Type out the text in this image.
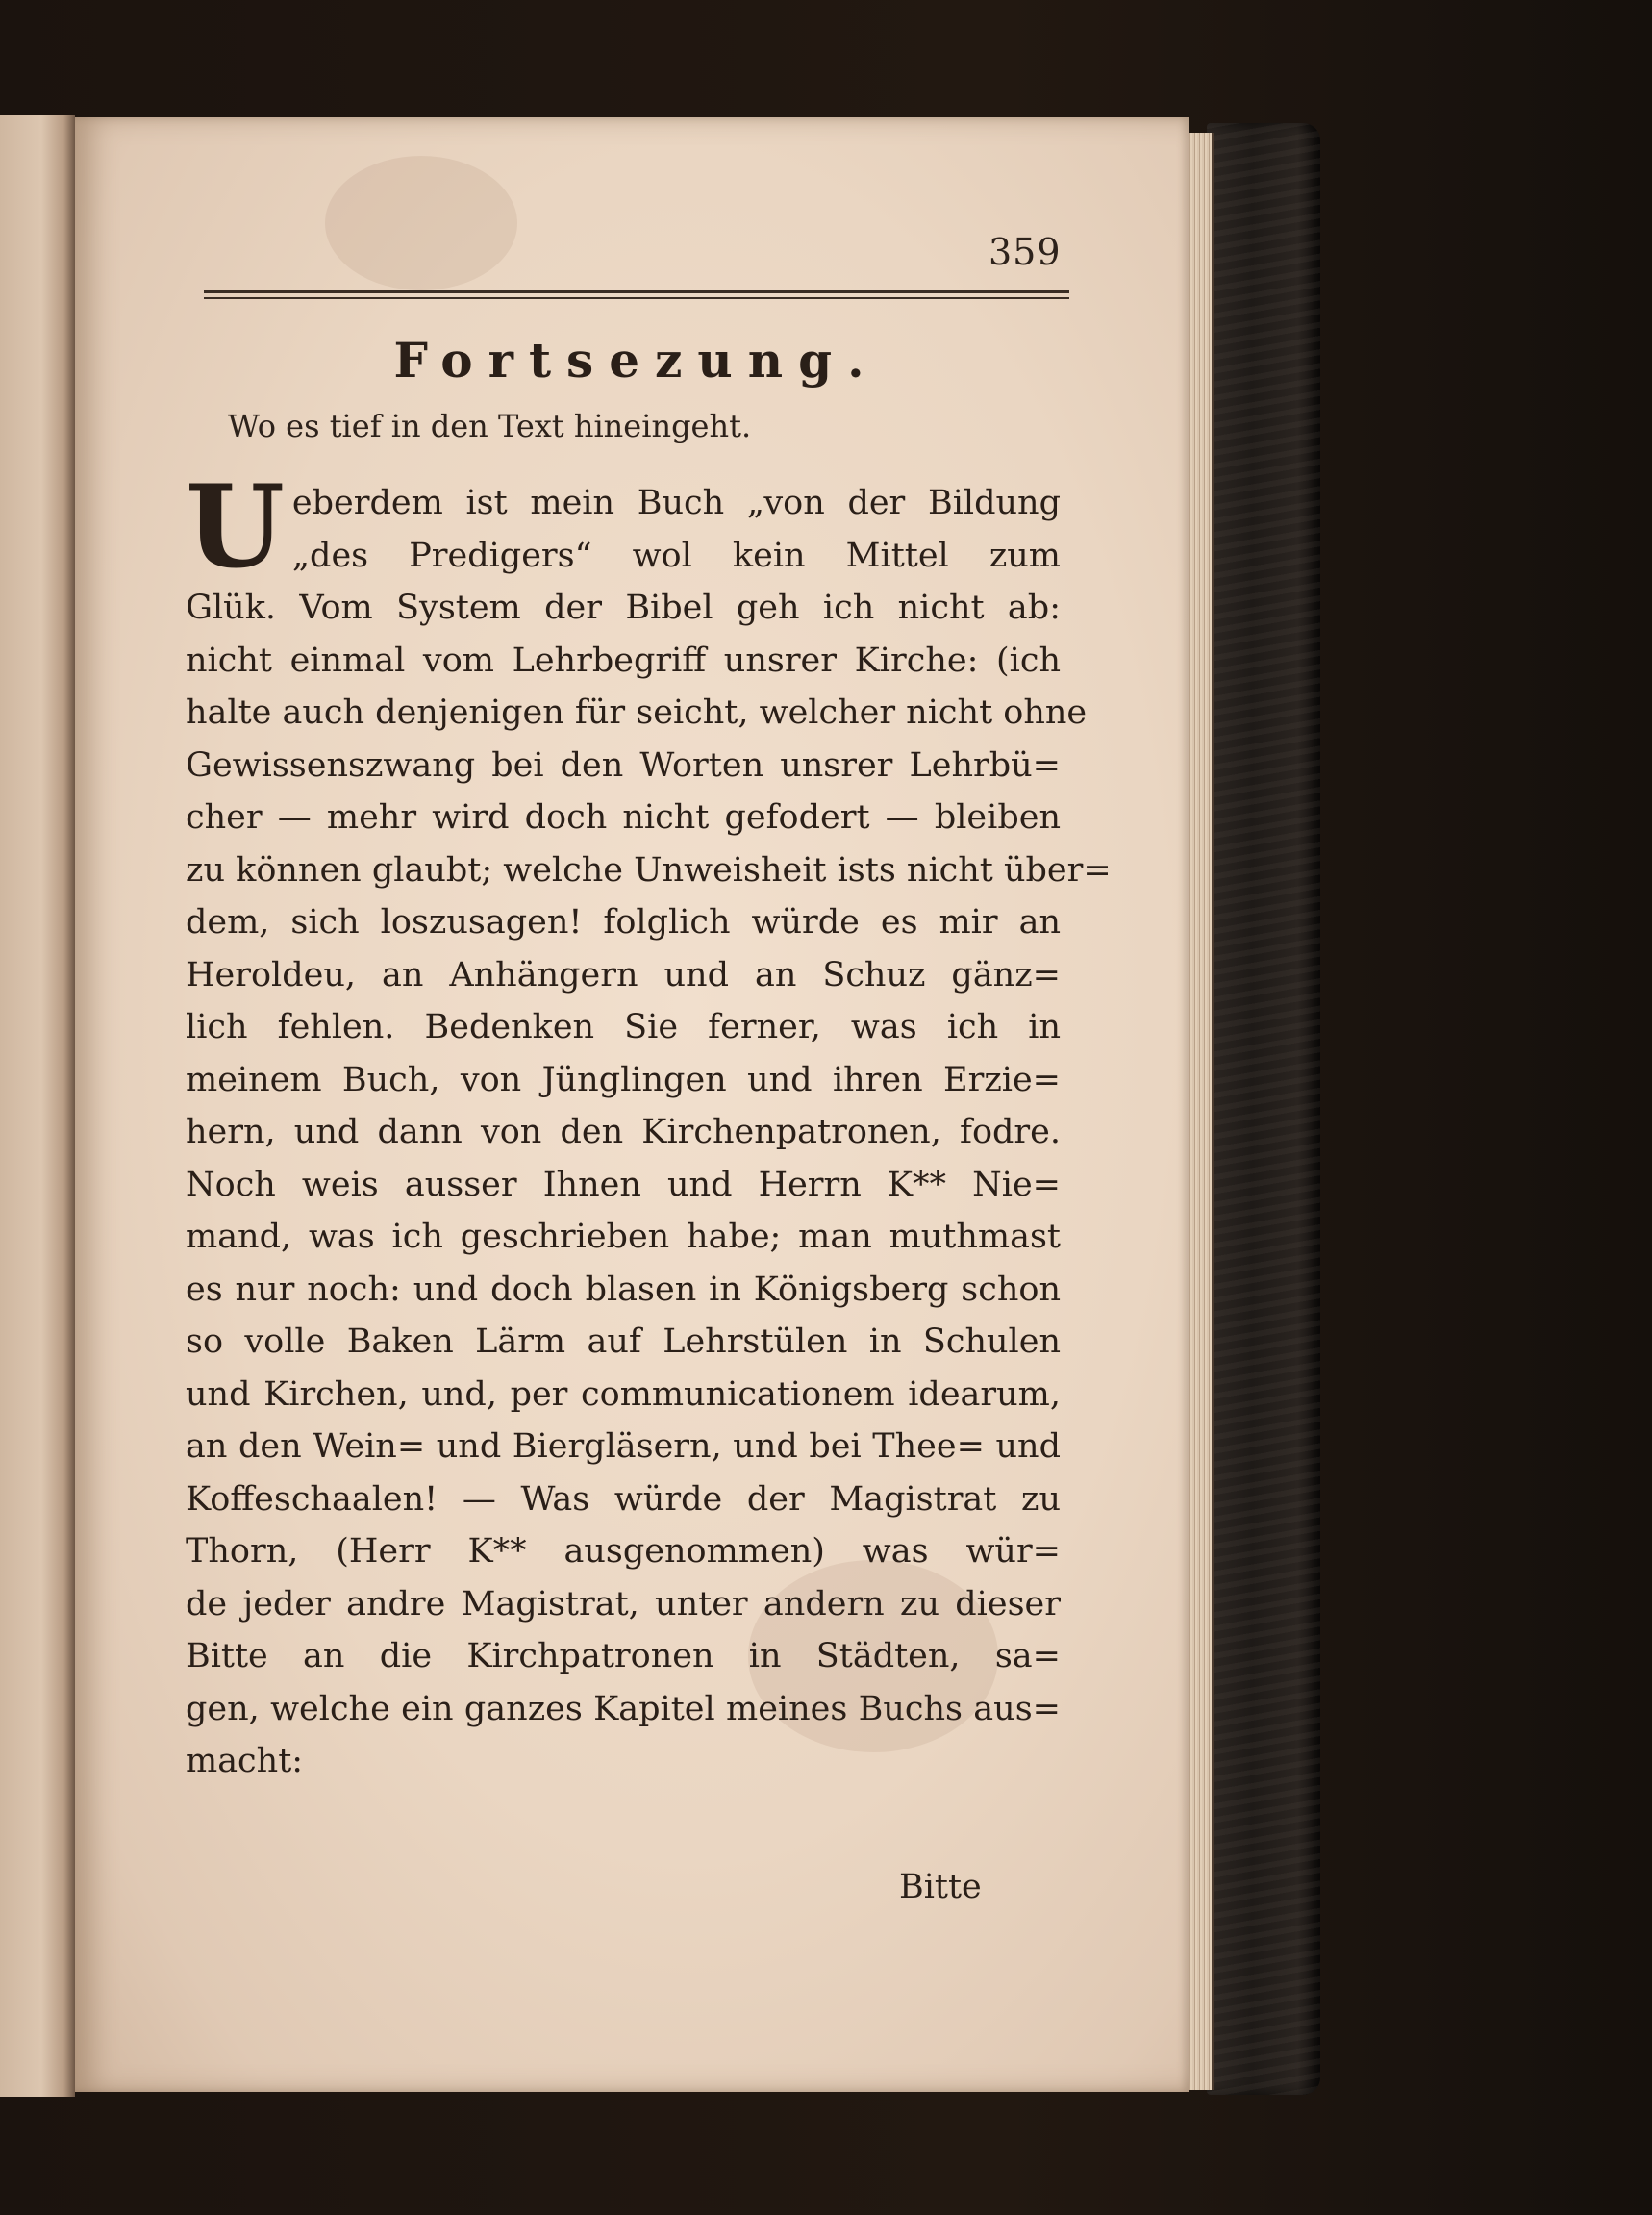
359
Fortsezung.
Wo es tief in den Text hineingeht.
U eberdem ist mein Buch „von der Bildung
„des Predigers“ wol kein Mittel zum
Glük. Vom System der Bibel geh ich nicht ab:
nicht einmal vom Lehrbegriff unsrer Kirche: (ich
halte auch denjenigen für seicht, welcher nicht ohne
Gewissenszwang bei den Worten unsrer Lehrbü=
cher — mehr wird doch nicht gefodert — bleiben
zu können glaubt; welche Unweisheit ists nicht über=
dem, sich loszusagen! folglich würde es mir an
Heroldeu, an Anhängern und an Schuz gänz=
lich fehlen. Bedenken Sie ferner, was ich in
meinem Buch, von Jünglingen und ihren Erzie=
hern, und dann von den Kirchenpatronen, fodre.
Noch weis ausser Ihnen und Herrn K** Nie=
mand, was ich geschrieben habe; man muthmast
es nur noch: und doch blasen in Königsberg schon
so volle Baken Lärm auf Lehrstülen in Schulen
und Kirchen, und, per communicationem idearum,
an den Wein= und Biergläsern, und bei Thee= und
Koffeschaalen! — Was würde der Magistrat zu
Thorn, (Herr K** ausgenommen) was wür=
de jeder andre Magistrat, unter andern zu dieser
Bitte an die Kirchpatronen in Städten, sa=
gen, welche ein ganzes Kapitel meines Buchs aus=
macht:
Bitte
